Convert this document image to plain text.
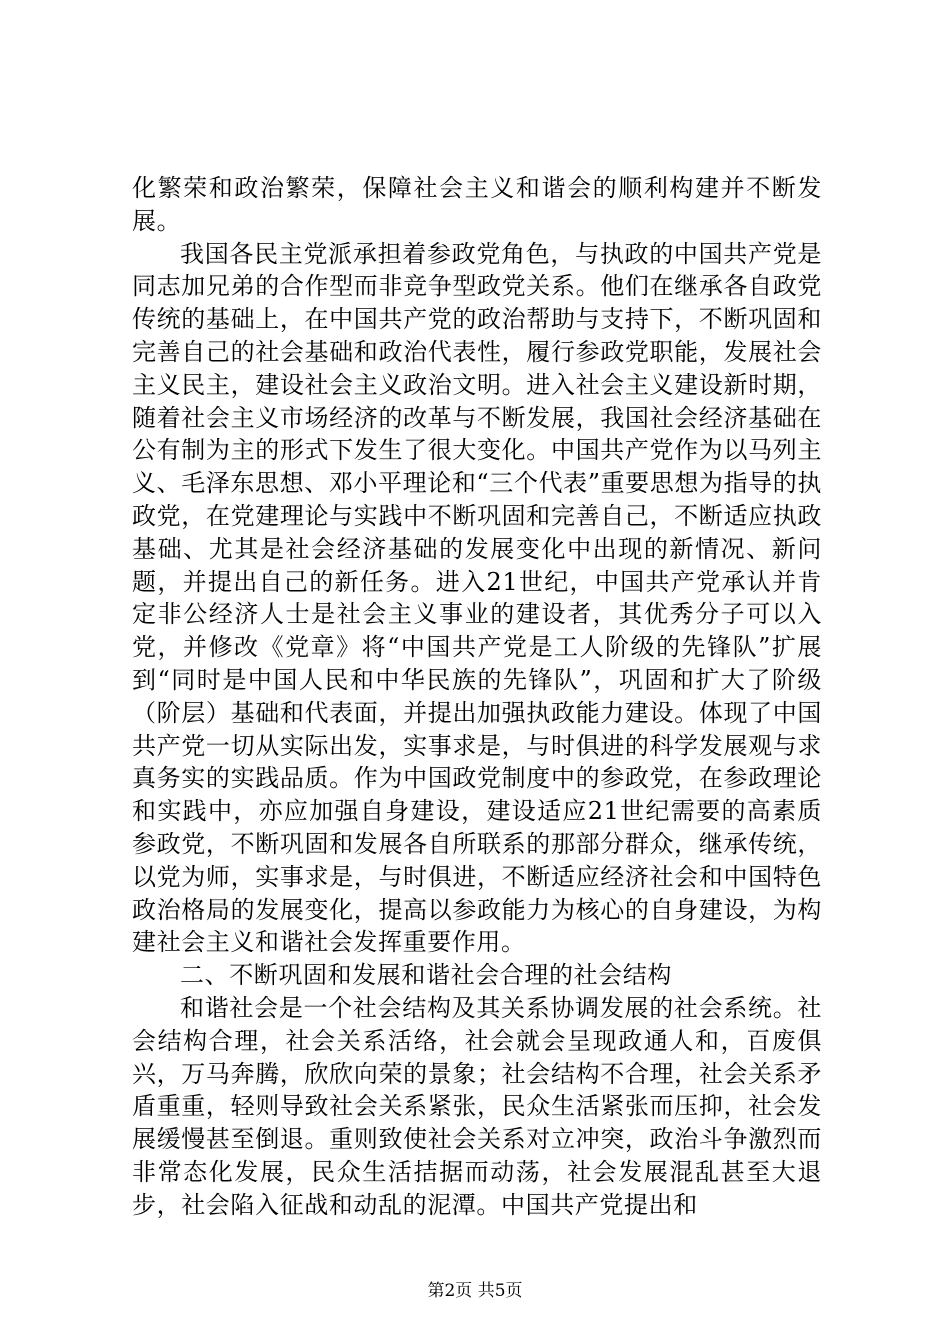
化繁荣和政治繁荣，保障社会主义和谐会的顺利构建并不断发展。

我国各民主党派承担着参政党角色，与执政的中国共产党是同志加兄弟的合作型而非竞争型政党关系。他们在继承各自政党传统的基础上，在中国共产党的政治帮助与支持下，不断巩固和完善自己的社会基础和政治代表性，履行参政党职能，发展社会主义民主，建设社会主义政治文明。进入社会主义建设新时期，随着社会主义市场经济的改革与不断发展，我国社会经济基础在公有制为主的形式下发生了很大变化。中国共产党作为以马列主义、毛泽东思想、邓小平理论和“三个代表”重要思想为指导的执政党，在党建理论与实践中不断巩固和完善自己，不断适应执政基础、尤其是社会经济基础的发展变化中出现的新情况、新问题，并提出自己的新任务。进入21世纪，中国共产党承认并肯定非公经济人士是社会主义事业的建设者，其优秀分子可以入党，并修改《党章》将“中国共产党是工人阶级的先锋队”扩展到“同时是中国人民和中华民族的先锋队”，巩固和扩大了阶级（阶层）基础和代表面，并提出加强执政能力建设。体现了中国共产党一切从实际出发，实事求是，与时俱进的科学发展观与求真务实的实践品质。作为中国政党制度中的参政党，在参政理论和实践中，亦应加强自身建设，建设适应21世纪需要的高素质参政党，不断巩固和发展各自所联系的那部分群众，继承传统，以党为师，实事求是，与时俱进，不断适应经济社会和中国特色政治格局的发展变化，提高以参政能力为核心的自身建设，为构建社会主义和谐社会发挥重要作用。

二、不断巩固和发展和谐社会合理的社会结构

和谐社会是一个社会结构及其关系协调发展的社会系统。社会结构合理，社会关系活络，社会就会呈现政通人和，百废俱兴，万马奔腾，欣欣向荣的景象；社会结构不合理，社会关系矛盾重重，轻则导致社会关系紧张，民众生活紧张而压抑，社会发展缓慢甚至倒退。重则致使社会关系对立冲突，政治斗争激烈而非常态化发展，民众生活拮据而动荡，社会发展混乱甚至大退步，社会陷入征战和动乱的泥潭。中国共产党提出和

第2页 共5页
